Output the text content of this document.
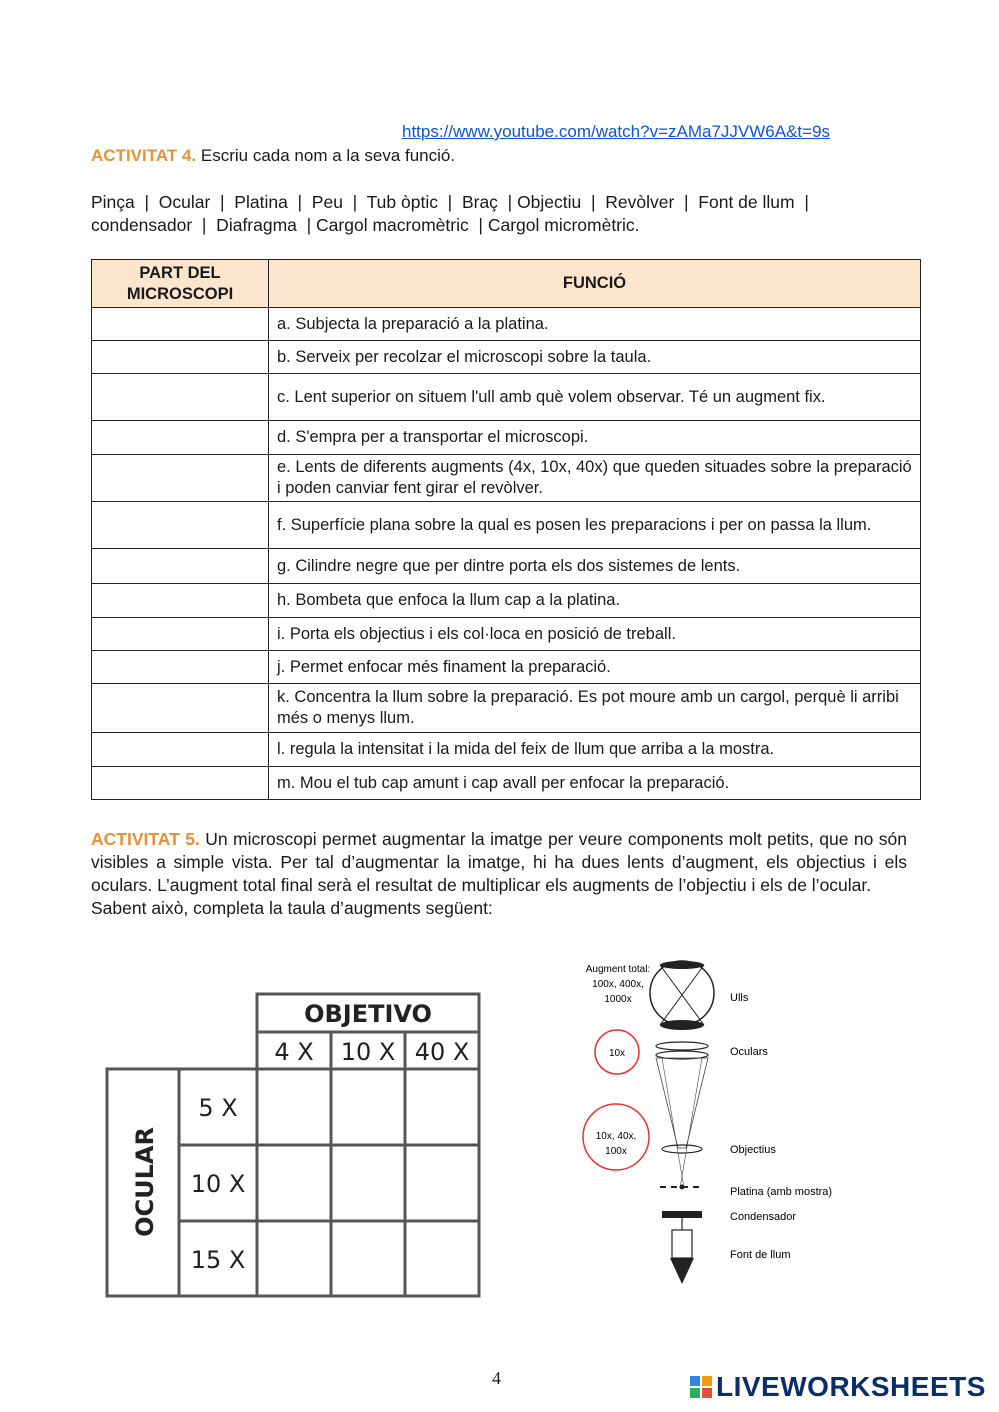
https://www.youtube.com/watch?v=zAMa7JJVW6A&t=9s
ACTIVITAT 4. Escriu cada nom a la seva funció.
Pinça  |  Ocular  |  Platina  |  Peu  |  Tub òptic  |  Braç  | Objectiu  |  Revòlver  |  Font de llum  |  condensador  |  Diafragma  | Cargol macromètric  | Cargol micromètric.
PART DEL MICROSCOPI	FUNCIÓ
	a. Subjecta la preparació a la platina.
	b. Serveix per recolzar el microscopi sobre la taula.
	c. Lent superior on situem l'ull amb què volem observar. Té un augment fix.
	d. S'empra per a transportar el microscopi.
	e. Lents de diferents augments (4x, 10x, 40x) que queden situades sobre la preparació i poden canviar fent girar el revòlver.
	f. Superfície plana sobre la qual es posen les preparacions i per on passa la llum.
	g. Cilindre negre que per dintre porta els dos sistemes de lents.
	h. Bombeta que enfoca la llum cap a la platina.
	i. Porta els objectius i els col·loca en posició de treball.
	j. Permet enfocar més finament la preparació.
	k. Concentra la llum sobre la preparació. Es pot moure amb un cargol, perquè li arribi més o menys llum.
	l. regula la intensitat i la mida del feix de llum que arriba a la mostra.
	m. Mou el tub cap amunt i cap avall per enfocar la preparació.
ACTIVITAT 5. Un microscopi permet augmentar la imatge per veure components molt petits, que no són visibles a simple vista. Per tal d’augmentar la imatge, hi ha dues lents d’augment, els objectius i els oculars. L’augment total final serà el resultat de multiplicar els augments de l’objectiu i els de l’ocular.
Sabent això, completa la taula d’augments següent:
OBJETIVO
4 X 10 X 40 X
5 X
10 X
15 X
OCULAR
Augment total:
100x, 400x,
1000x
10x
10x, 40x,
100x
Ulls
Oculars
Objectius
Platina (amb mostra)
Condensador
Font de llum
4	LIVEWORKSHEETS
